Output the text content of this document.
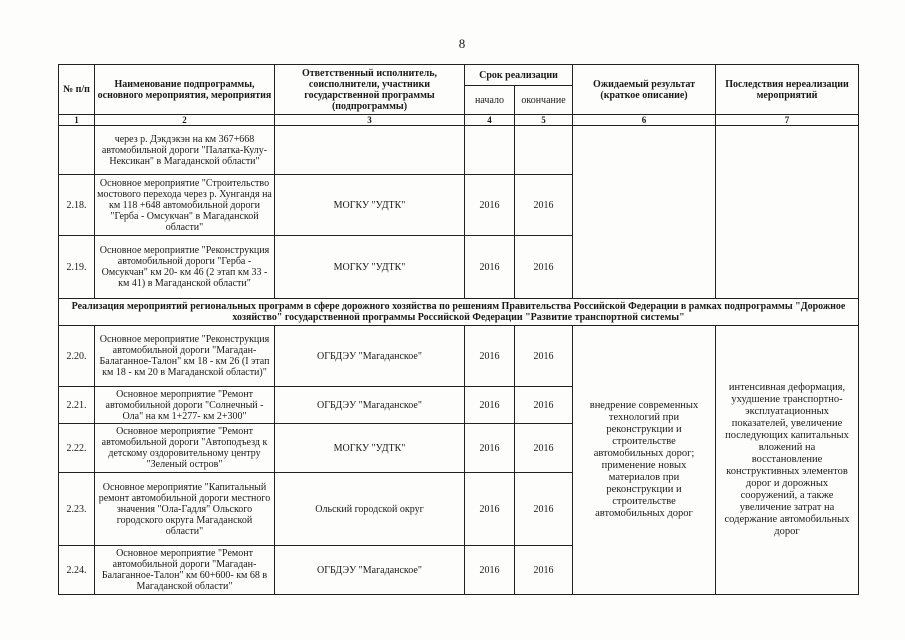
8
№ п/п	Наименование подпрограммы, основного мероприятия, мероприятия	Ответственный исполнитель, соисполнители, участники государственной программы (подпрограммы)	Срок реализации		Ожидаемый результат (краткое описание)	Последствия нереализации мероприятий
			начало	окончание		
1	2	3	4	5	6	7
	через р. Дэкдэкэн на км 367+668 автомобильной дороги "Палатка-Кулу-Нексикан" в Магаданской области"					
2.18.	Основное мероприятие "Строительство мостового перехода через р. Хунгандя на км 118 +648 автомобильной дороги "Герба - Омсукчан" в Магаданской области"	МОГКУ "УДТК"	2016	2016		
2.19.	Основное мероприятие "Реконструкция автомобильной дороги "Герба - Омсукчан" км 20- км 46 (2 этап км 33 - км 41) в Магаданской области"	МОГКУ "УДТК"	2016	2016		
Реализация мероприятий региональных программ в сфере дорожного хозяйства по решениям Правительства Российской Федерации в рамках подпрограммы "Дорожное хозяйство" государственной программы Российской Федерации "Развитие транспортной системы"						
2.20.	Основное мероприятие "Реконструкция автомобильной дороги "Магадан-Балаганное-Талон" км 18 - км 26 (I этап км 18 - км 20 в Магаданской области)"	ОГБДЭУ "Магаданское"	2016	2016	внедрение современных технологий при реконструкции и строительстве автомобильных дорог; применение новых материалов при реконструкции и строительстве автомобильных дорог	интенсивная деформация, ухудшение транспортно-эксплуатационных показателей, увеличение последующих капитальных вложений на восстановление конструктивных элементов дорог и дорожных сооружений, а также увеличение затрат на содержание автомобильных дорог
2.21.	Основное мероприятие "Ремонт автомобильной дороги "Солнечный - Ола" на км 1+277- км 2+300"	ОГБДЭУ "Магаданское"	2016	2016		
2.22.	Основное мероприятие "Ремонт автомобильной дороги "Автоподъезд к детскому оздоровительному центру "Зеленый остров"	МОГКУ "УДТК"	2016	2016		
2.23.	Основное мероприятие "Капитальный ремонт автомобильной дороги местного значения "Ола-Гадля" Ольского городского округа Магаданской области"	Ольский городской округ	2016	2016		
2.24.	Основное мероприятие "Ремонт автомобильной дороги "Магадан-Балаганное-Талон" км 60+600- км 68 в Магаданской области"	ОГБДЭУ "Магаданское"	2016	2016		
